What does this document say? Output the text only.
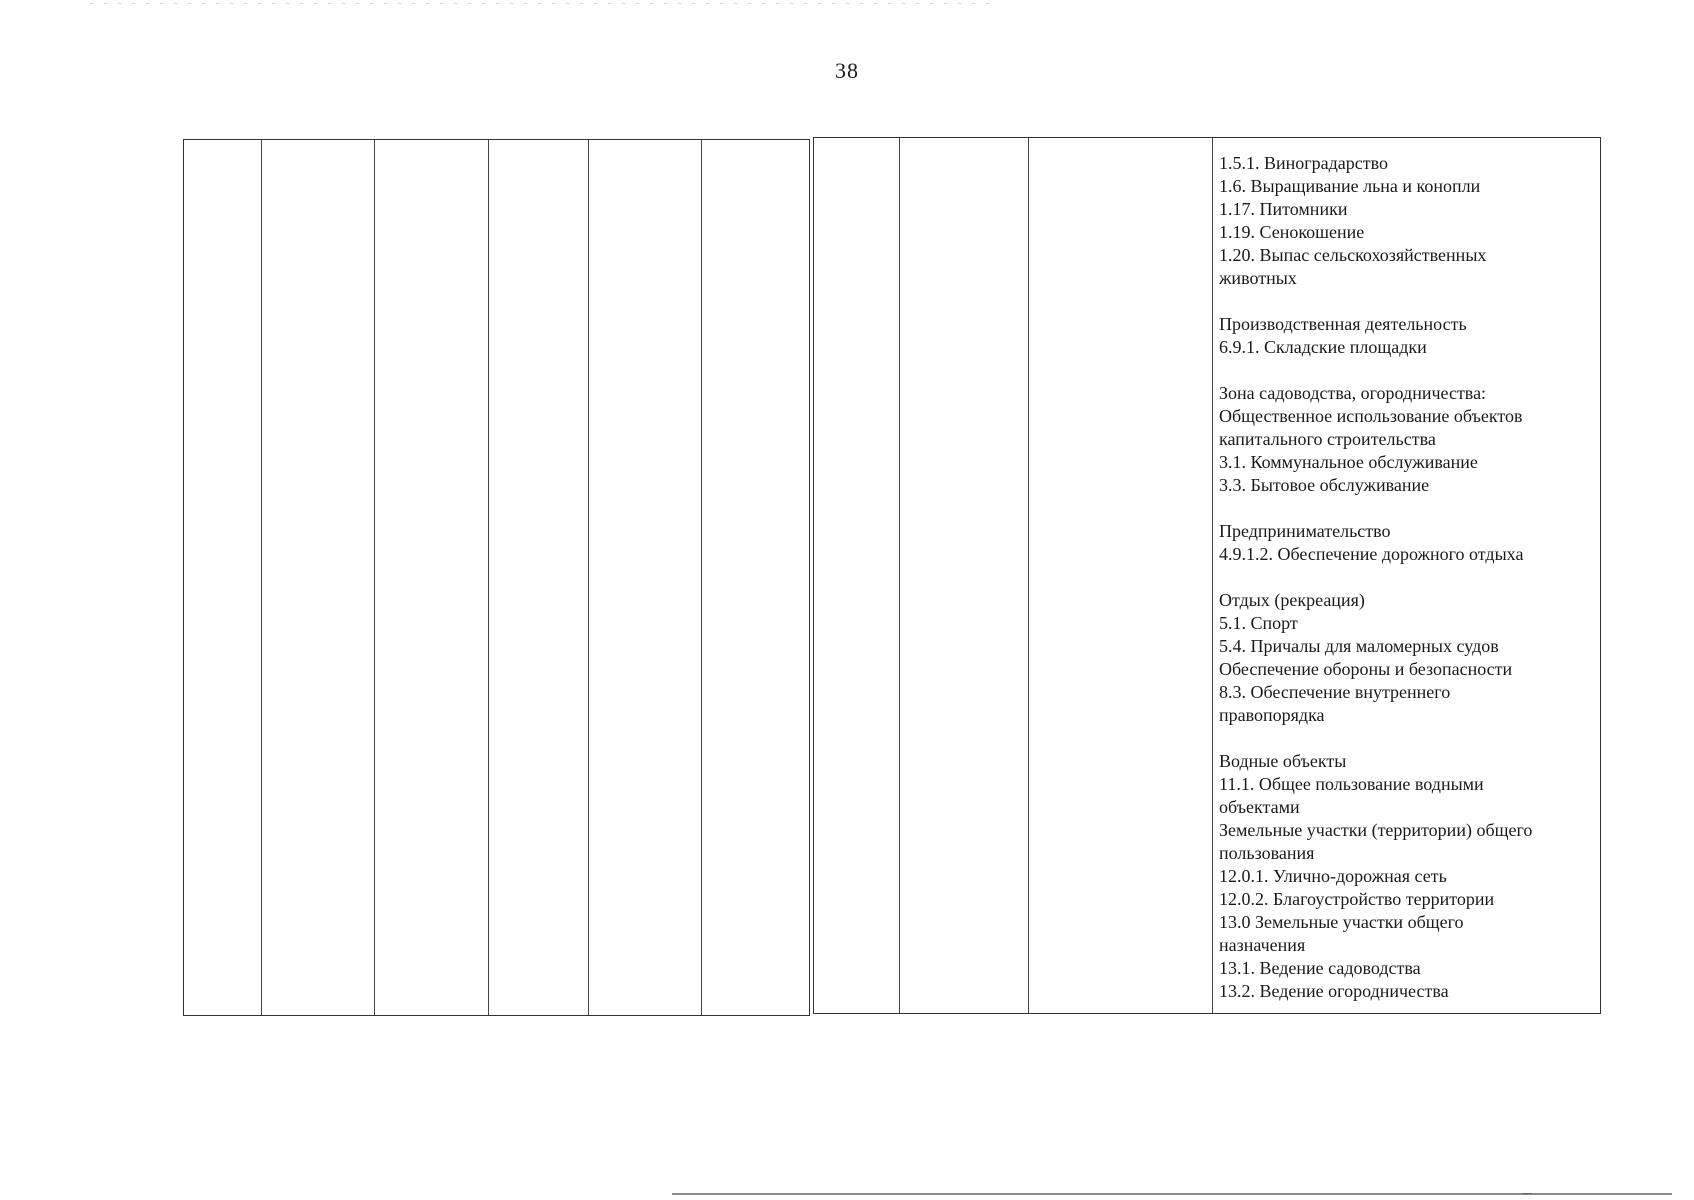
38
1.5.1. Виноградарство
1.6. Выращивание льна и конопли
1.17. Питомники
1.19. Сенокошение
1.20. Выпас сельскохозяйственных
животных
Производственная деятельность
6.9.1. Складские площадки
Зона садоводства, огородничества:
Общественное использование объектов
капитального строительства
3.1. Коммунальное обслуживание
3.3. Бытовое обслуживание
Предпринимательство
4.9.1.2. Обеспечение дорожного отдыха
Отдых (рекреация)
5.1. Спорт
5.4. Причалы для маломерных судов
Обеспечение обороны и безопасности
8.3. Обеспечение внутреннего
правопорядка
Водные объекты
11.1. Общее пользование водными
объектами
Земельные участки (территории) общего
пользования
12.0.1. Улично-дорожная сеть
12.0.2. Благоустройство территории
13.0 Земельные участки общего
назначения
13.1. Ведение садоводства
13.2. Ведение огородничества
